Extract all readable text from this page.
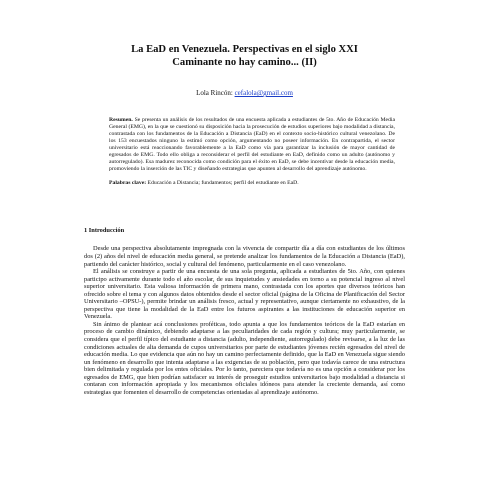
La EaD en Venezuela. Perspectivas en el siglo XXI
Caminante no hay camino... (II)
Lola Rincón: cefalola@gmail.com

Resumen. Se presenta un análisis de los resultados de una encuesta aplicada a estudiantes de 5to. Año de Educación Media General (EMG), en la que se cuestionó su disposición hacia la prosecución de estudios superiores bajo modalidad a distancia, contrastada con los fundamentos de la Educación a Distancia (EaD) en el contexto socio-histórico cultural venezolano. De los 153 encuestados ninguno la estimó como opción, argumentando no poseer información. En contrapartida, el sector universitario está reaccionando favorablemente a la EaD como vía para garantizar la inclusión de mayor cantidad de egresados de EMG. Todo ello obliga a reconsiderar el perfil del estudiante en EaD, definido como un adulto (autónomo y autorregulado). Esa madurez reconocida como condición para el éxito en EaD, se debe incentivar desde la educación media, promoviendo la inserción de las TIC y diseñando estrategias que apunten al desarrollo del aprendizaje autónomo.

Palabras clave: Educación a Distancia; fundamentos; perfil del estudiante en EaD.

1 Introducción

Desde una perspectiva absolutamente impregnada con la vivencia de compartir día a día con estudiantes de los últimos dos (2) años del nivel de educación media general, se pretende analizar los fundamentos de la Educación a Distancia (EaD), partiendo del carácter histórico, social y cultural del fenómeno, particularmente en el caso venezolano.

El análisis se construye a partir de una encuesta de una sola pregunta, aplicada a estudiantes de 5to. Año, con quienes participo activamente durante todo el año escolar, de sus inquietudes y ansiedades en torno a su potencial ingreso al nivel superior universitario. Esta valiosa información de primera mano, contrastada con los aportes que diversos teóricos han ofrecido sobre el tema y con algunos datos obtenidos desde el sector oficial (página de la Oficina de Planificación del Sector Universitario –OPSU-), permite brindar un análisis fresco, actual y representativo, aunque ciertamente no exhaustivo, de la perspectiva que tiene la modalidad de la EaD entre los futuros aspirantes a las instituciones de educación superior en Venezuela.

Sin ánimo de plantear acá conclusiones proféticas, todo apunta a que los fundamentos teóricos de la EaD estarían en proceso de cambio dinámico, debiendo adaptarse a las peculiaridades de cada región y cultura; muy particularmente, se considera que el perfil típico del estudiante a distancia (adulto, independiente, autorregulado) debe revisarse, a la luz de las condiciones actuales de alta demanda de cupos universitarios por parte de estudiantes jóvenes recién egresados del nivel de educación media. Lo que evidencia que aún no hay un camino perfectamente definido, que la EaD en Venezuela sigue siendo un fenómeno en desarrollo que intenta adaptarse a las exigencias de su población, pero que todavía carece de una estructura bien delimitada y regulada por los entes oficiales. Por lo tanto, pareciera que todavía no es una opción a considerar por los egresados de EMG, que bien podrían satisfacer su interés de proseguir estudios universitarios bajo modalidad a distancia si contaran con información apropiada y los mecanismos oficiales idóneos para atender la creciente demanda, así como estrategias que fomenten el desarrollo de competencias orientadas al aprendizaje autónomo.
